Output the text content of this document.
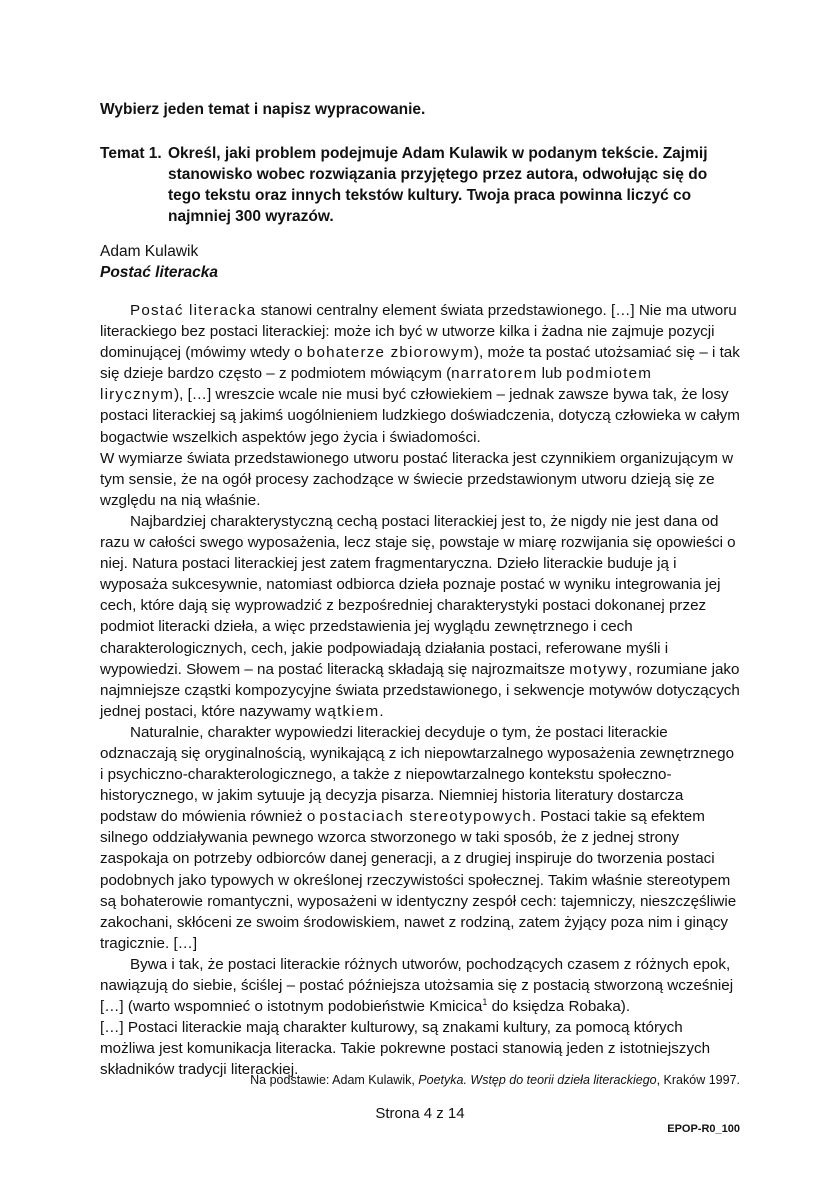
Wybierz jeden temat i napisz wypracowanie.
Temat 1. Określ, jaki problem podejmuje Adam Kulawik w podanym tekście. Zajmij stanowisko wobec rozwiązania przyjętego przez autora, odwołując się do tego tekstu oraz innych tekstów kultury. Twoja praca powinna liczyć co najmniej 300 wyrazów.
Adam Kulawik
Postać literacka

Postać literacka stanowi centralny element świata przedstawionego. […] Nie ma utworu literackiego bez postaci literackiej: może ich być w utworze kilka i żadna nie zajmuje pozycji dominującej (mówimy wtedy o bohaterze zbiorowym), może ta postać utożsamiać się – i tak się dzieje bardzo często – z podmiotem mówiącym (narratorem lub podmiotem lirycznym), […] wreszcie wcale nie musi być człowiekiem – jednak zawsze bywa tak, że losy postaci literackiej są jakimś uogólnieniem ludzkiego doświadczenia, dotyczą człowieka w całym bogactwie wszelkich aspektów jego życia i świadomości.

W wymiarze świata przedstawionego utworu postać literacka jest czynnikiem organizującym w tym sensie, że na ogół procesy zachodzące w świecie przedstawionym utworu dzieją się ze względu na nią właśnie.

Najbardziej charakterystyczną cechą postaci literackiej jest to, że nigdy nie jest dana od razu w całości swego wyposażenia, lecz staje się, powstaje w miarę rozwijania się opowieści o niej. Natura postaci literackiej jest zatem fragmentaryczna. Dzieło literackie buduje ją i wyposaża sukcesywnie, natomiast odbiorca dzieła poznaje postać w wyniku integrowania jej cech, które dają się wyprowadzić z bezpośredniej charakterystyki postaci dokonanej przez podmiot literacki dzieła, a więc przedstawienia jej wyglądu zewnętrznego i cech charakterologicznych, cech, jakie podpowiadają działania postaci, referowane myśli i wypowiedzi. Słowem – na postać literacką składają się najrozmaitsze motywy, rozumiane jako najmniejsze cząstki kompozycyjne świata przedstawionego, i sekwencje motywów dotyczących jednej postaci, które nazywamy wątkiem.

Naturalnie, charakter wypowiedzi literackiej decyduje o tym, że postaci literackie odznaczają się oryginalnością, wynikającą z ich niepowtarzalnego wyposażenia zewnętrznego i psychiczno-charakterologicznego, a także z niepowtarzalnego kontekstu społeczno-historycznego, w jakim sytuuje ją decyzja pisarza. Niemniej historia literatury dostarcza podstaw do mówienia również o postaciach stereotypowych. Postaci takie są efektem silnego oddziaływania pewnego wzorca stworzonego w taki sposób, że z jednej strony zaspokaja on potrzeby odbiorców danej generacji, a z drugiej inspiruje do tworzenia postaci podobnych jako typowych w określonej rzeczywistości społecznej. Takim właśnie stereotypem są bohaterowie romantyczni, wyposażeni w identyczny zespół cech: tajemniczy, nieszczęśliwie zakochani, skłóceni ze swoim środowiskiem, nawet z rodziną, zatem żyjący poza nim i ginący tragicznie. […]

Bywa i tak, że postaci literackie różnych utworów, pochodzących czasem z różnych epok, nawiązują do siebie, ściślej – postać późniejsza utożsamia się z postacią stworzoną wcześniej […] (warto wspomnieć o istotnym podobieństwie Kmicica$^1$ do księdza Robaka).

[…] Postaci literackie mają charakter kulturowy, są znakami kultury, za pomocą których możliwa jest komunikacja literacka. Takie pokrewne postaci stanowią jeden z istotniejszych składników tradycji literackiej.

Na podstawie: Adam Kulawik, Poetyka. Wstęp do teorii dzieła literackiego, Kraków 1997.
Strona 4 z 14
EPOP-R0_100
